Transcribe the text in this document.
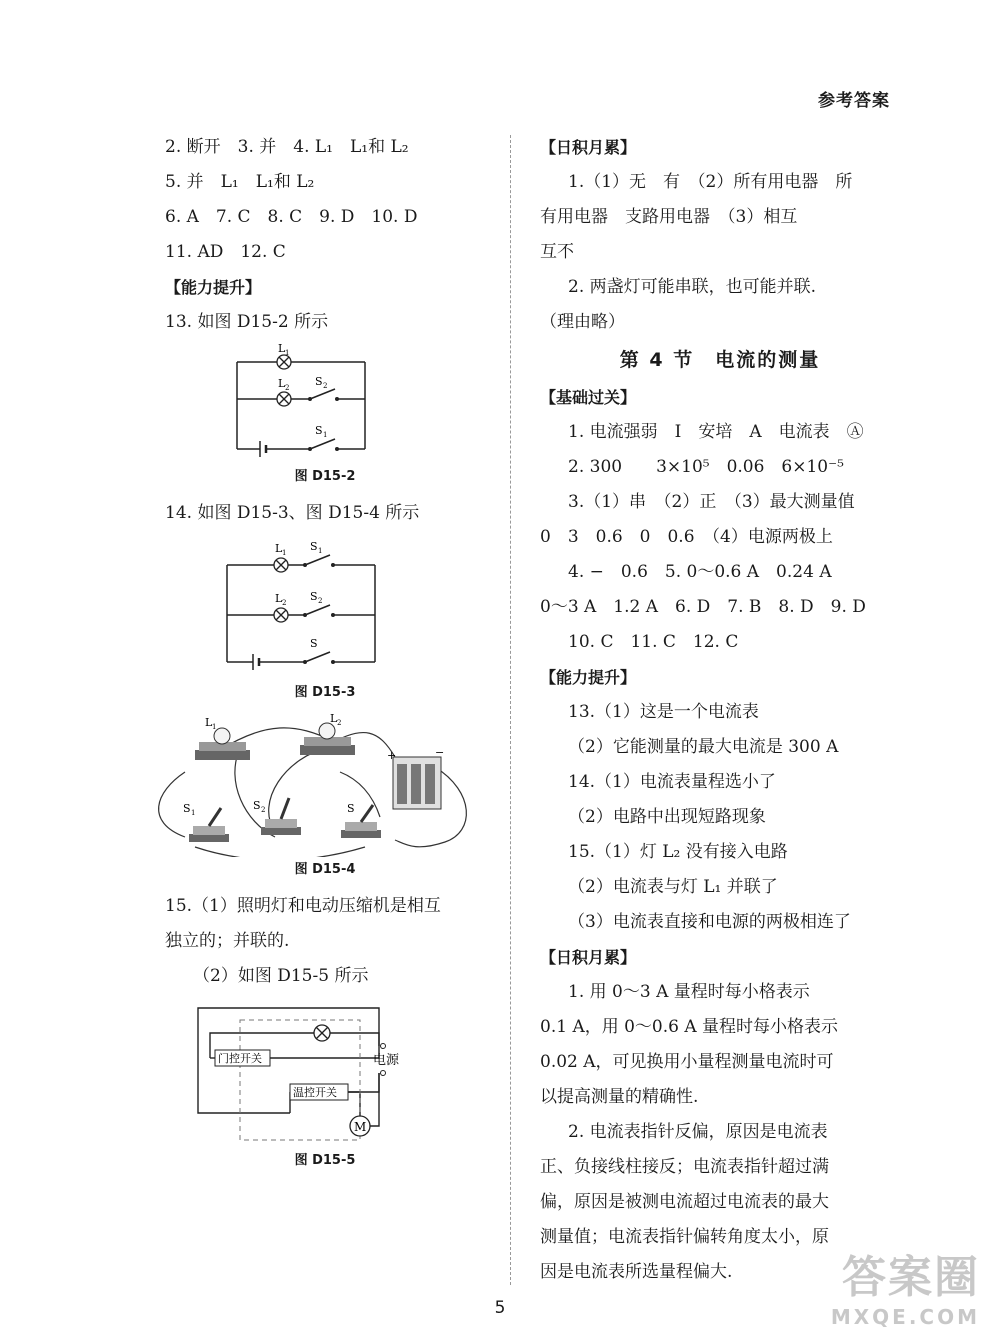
参考答案
2. 断开　3. 并　4. L₁　L₁和 L₂
5. 并　L₁　L₁和 L₂
6. A　7. C　8. C　9. D　10. D
11. AD　12. C
【能力提升】
13. 如图 D15-2 所示
L 1
L 2 S 2
S 1
图 D15-2
14. 如图 D15-3、图 D15-4 所示
L 1 S 1
L 2 S 2
S
图 D15-3
L 1
L 2
S 1
S 2	S
+	−
图 D15-4
15.（1）照明灯和电动压缩机是相互
独立的；并联的.
（2）如图 D15-5 所示
门控开关
温控开关
M
电源
图 D15-5
【日积月累】
1.（1）无　有　（2）所有用电器　所
有用电器　支路用电器　（3）相互
互不
2. 两盏灯可能串联，也可能并联.
（理由略）
第 4 节　电流的测量
【基础过关】
1. 电流强弱　I　安培　A　电流表　Ⓐ
2. 300　　3×10⁵　0.06　6×10⁻⁵
3.（1）串　（2）正　（3）最大测量值
0　3　0.6　0　0.6　（4）电源两极上
4. −　0.6　5. 0～0.6 A　0.24 A
0～3 A　1.2 A　6. D　7. B　8. D　9. D
10. C　11. C　12. C
【能力提升】
13.（1）这是一个电流表
（2）它能测量的最大电流是 300 A
14.（1）电流表量程选小了
（2）电路中出现短路现象
15.（1）灯 L₂ 没有接入电路
（2）电流表与灯 L₁ 并联了
（3）电流表直接和电源的两极相连了
【日积月累】
1. 用 0～3 A 量程时每小格表示
0.1 A，用 0～0.6 A 量程时每小格表示
0.02 A，可见换用小量程测量电流时可
以提高测量的精确性.
2. 电流表指针反偏，原因是电流表
正、负接线柱接反；电流表指针超过满
偏，原因是被测电流超过电流表的最大
测量值；电流表指针偏转角度太小，原
因是电流表所选量程偏大.
5
答案圈
MXQE.COM
